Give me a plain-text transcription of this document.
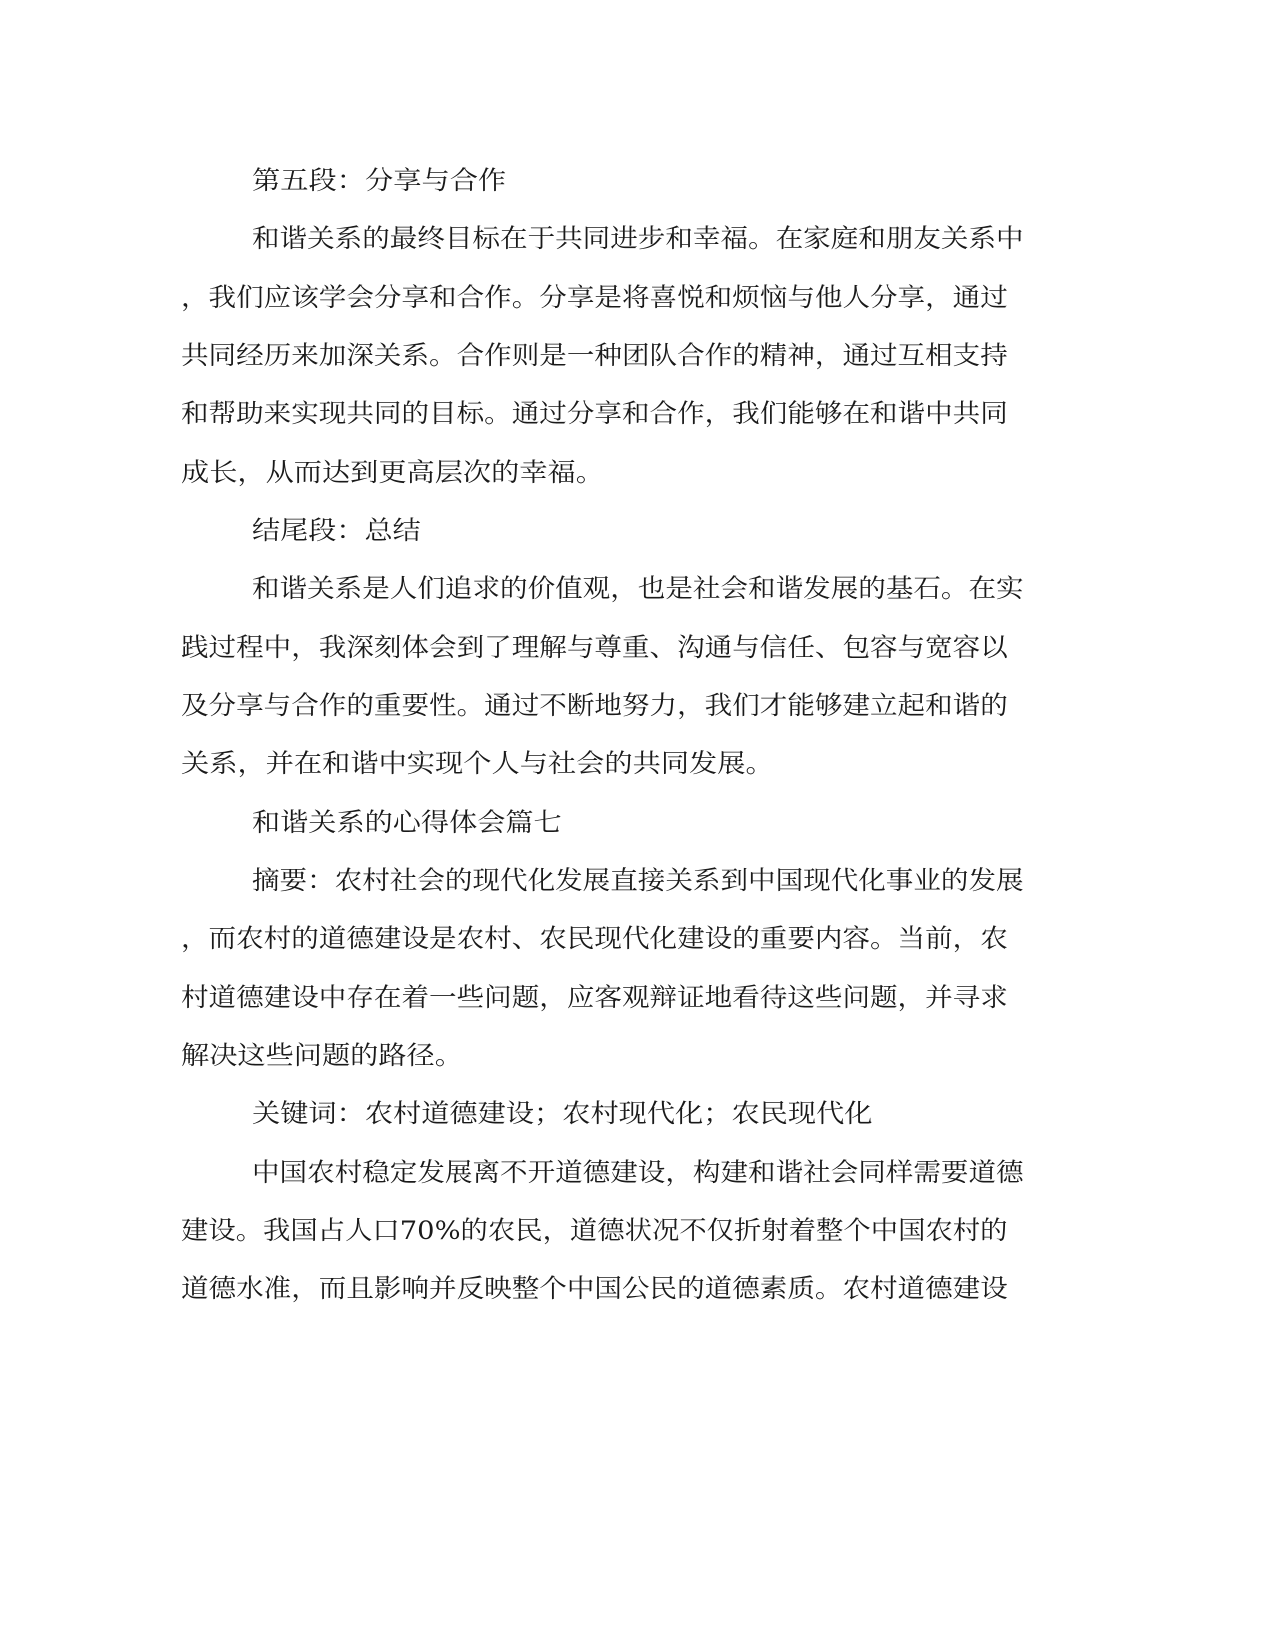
第五段：分享与合作
和谐关系的最终目标在于共同进步和幸福。在家庭和朋友关系中
，我们应该学会分享和合作。分享是将喜悦和烦恼与他人分享，通过
共同经历来加深关系。合作则是一种团队合作的精神，通过互相支持
和帮助来实现共同的目标。通过分享和合作，我们能够在和谐中共同
成长，从而达到更高层次的幸福。
结尾段：总结
和谐关系是人们追求的价值观，也是社会和谐发展的基石。在实
践过程中，我深刻体会到了理解与尊重、沟通与信任、包容与宽容以
及分享与合作的重要性。通过不断地努力，我们才能够建立起和谐的
关系，并在和谐中实现个人与社会的共同发展。
和谐关系的心得体会篇七
摘要：农村社会的现代化发展直接关系到中国现代化事业的发展
，而农村的道德建设是农村、农民现代化建设的重要内容。当前，农
村道德建设中存在着一些问题，应客观辩证地看待这些问题，并寻求
解决这些问题的路径。
关键词：农村道德建设；农村现代化；农民现代化
中国农村稳定发展离不开道德建设，构建和谐社会同样需要道德
建设。我国占人口70%的农民，道德状况不仅折射着整个中国农村的
道德水准，而且影响并反映整个中国公民的道德素质。农村道德建设
